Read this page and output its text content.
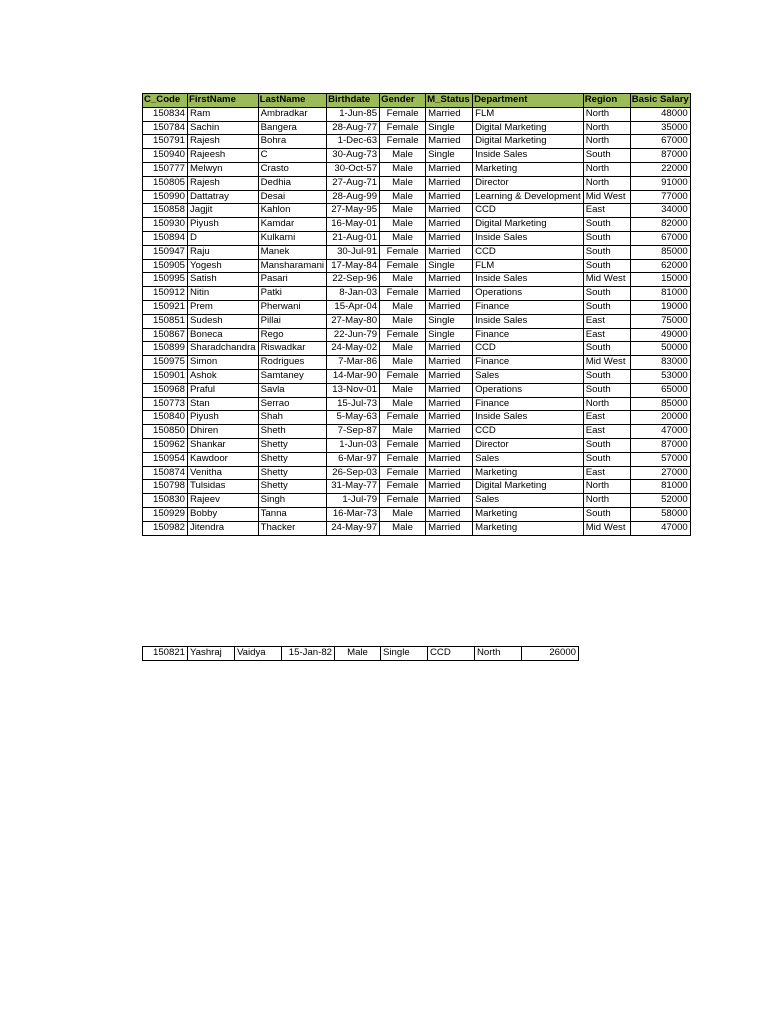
C_Code	FirstName	LastName	Birthdate	Gender	M_Status	Department	Region	Basic Salary
150834	Ram	Ambradkar	1-Jun-85	Female	Married	FLM	North	48000
150784	Sachin	Bangera	28-Aug-77	Female	Single	Digital Marketing	North	35000
150791	Rajesh	Bohra	1-Dec-63	Female	Married	Digital Marketing	North	67000
150940	Rajeesh	C	30-Aug-73	Male	Single	Inside Sales	South	87000
150777	Melwyn	Crasto	30-Oct-57	Male	Married	Marketing	North	22000
150805	Rajesh	Dedhia	27-Aug-71	Male	Married	Director	North	91000
150990	Dattatray	Desai	28-Aug-99	Male	Married	Learning & Development	Mid West	77000
150858	Jagjit	Kahlon	27-May-95	Male	Married	CCD	East	34000
150930	Piyush	Kamdar	16-May-01	Male	Married	Digital Marketing	South	82000
150894	D	Kulkarni	21-Aug-01	Male	Married	Inside Sales	South	67000
150947	Raju	Manek	30-Jul-91	Female	Married	CCD	South	85000
150905	Yogesh	Mansharamani	17-May-84	Female	Single	FLM	South	62000
150995	Satish	Pasari	22-Sep-96	Male	Married	Inside Sales	Mid West	15000
150912	Nitin	Patki	8-Jan-03	Female	Married	Operations	South	81000
150921	Prem	Pherwani	15-Apr-04	Male	Married	Finance	South	19000
150851	Sudesh	Pillai	27-May-80	Male	Single	Inside Sales	East	75000
150867	Boneca	Rego	22-Jun-79	Female	Single	Finance	East	49000
150899	Sharadchandra	Riswadkar	24-May-02	Male	Married	CCD	South	50000
150975	Simon	Rodrigues	7-Mar-86	Male	Married	Finance	Mid West	83000
150901	Ashok	Samtaney	14-Mar-90	Female	Married	Sales	South	53000
150968	Praful	Savla	13-Nov-01	Male	Married	Operations	South	65000
150773	Stan	Serrao	15-Jul-73	Male	Married	Finance	North	85000
150840	Piyush	Shah	5-May-63	Female	Married	Inside Sales	East	20000
150850	Dhiren	Sheth	7-Sep-87	Male	Married	CCD	East	47000
150962	Shankar	Shetty	1-Jun-03	Female	Married	Director	South	87000
150954	Kawdoor	Shetty	6-Mar-97	Female	Married	Sales	South	57000
150874	Venitha	Shetty	26-Sep-03	Female	Married	Marketing	East	27000
150798	Tulsidas	Shetty	31-May-77	Female	Married	Digital Marketing	North	81000
150830	Rajeev	Singh	1-Jul-79	Female	Married	Sales	North	52000
150929	Bobby	Tanna	16-Mar-73	Male	Married	Marketing	South	58000
150982	Jitendra	Thacker	24-May-97	Male	Married	Marketing	Mid West	47000
150821	Yashraj	Vaidya	15-Jan-82	Male	Single	CCD	North	26000
